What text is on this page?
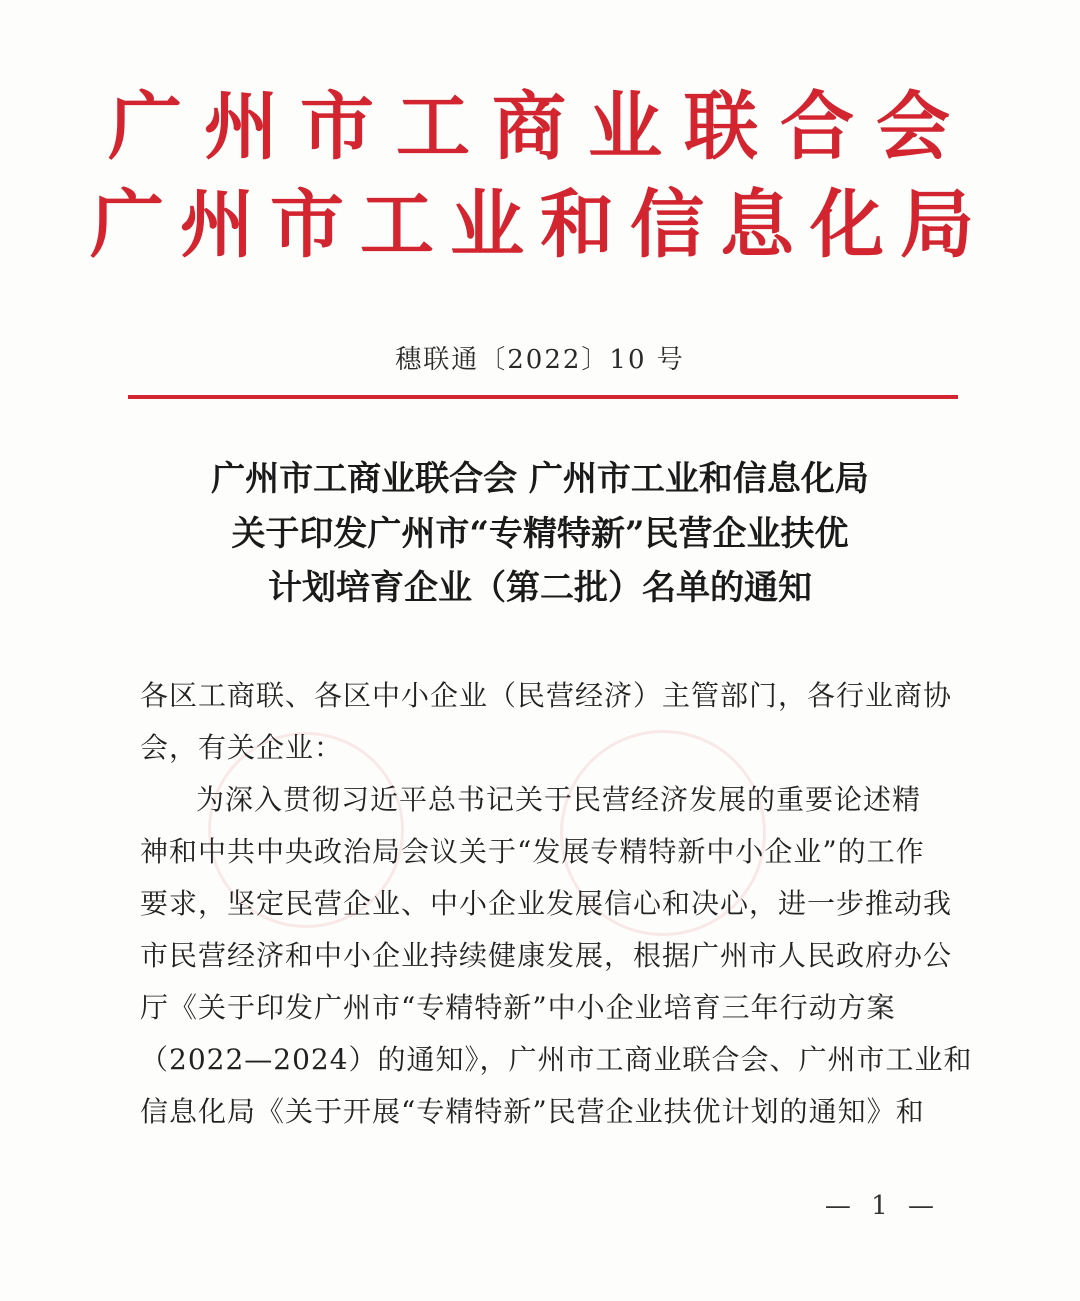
广州市工商业联合会
广州市工业和信息化局
穗联通〔2022〕10 号
广州市工商业联合会 广州市工业和信息化局
关于印发广州市“专精特新”民营企业扶优
计划培育企业（第二批）名单的通知
各区工商联、各区中小企业（民营经济）主管部门，各行业商协
会，有关企业：
为深入贯彻习近平总书记关于民营经济发展的重要论述精
神和中共中央政治局会议关于“发展专精特新中小企业”的工作
要求，坚定民营企业、中小企业发展信心和决心，进一步推动我
市民营经济和中小企业持续健康发展，根据广州市人民政府办公
厅《关于印发广州市“专精特新”中小企业培育三年行动方案
（2022—2024）的通知》，广州市工商业联合会、广州市工业和
信息化局《关于开展“专精特新”民营企业扶优计划的通知》和
— 1 —
